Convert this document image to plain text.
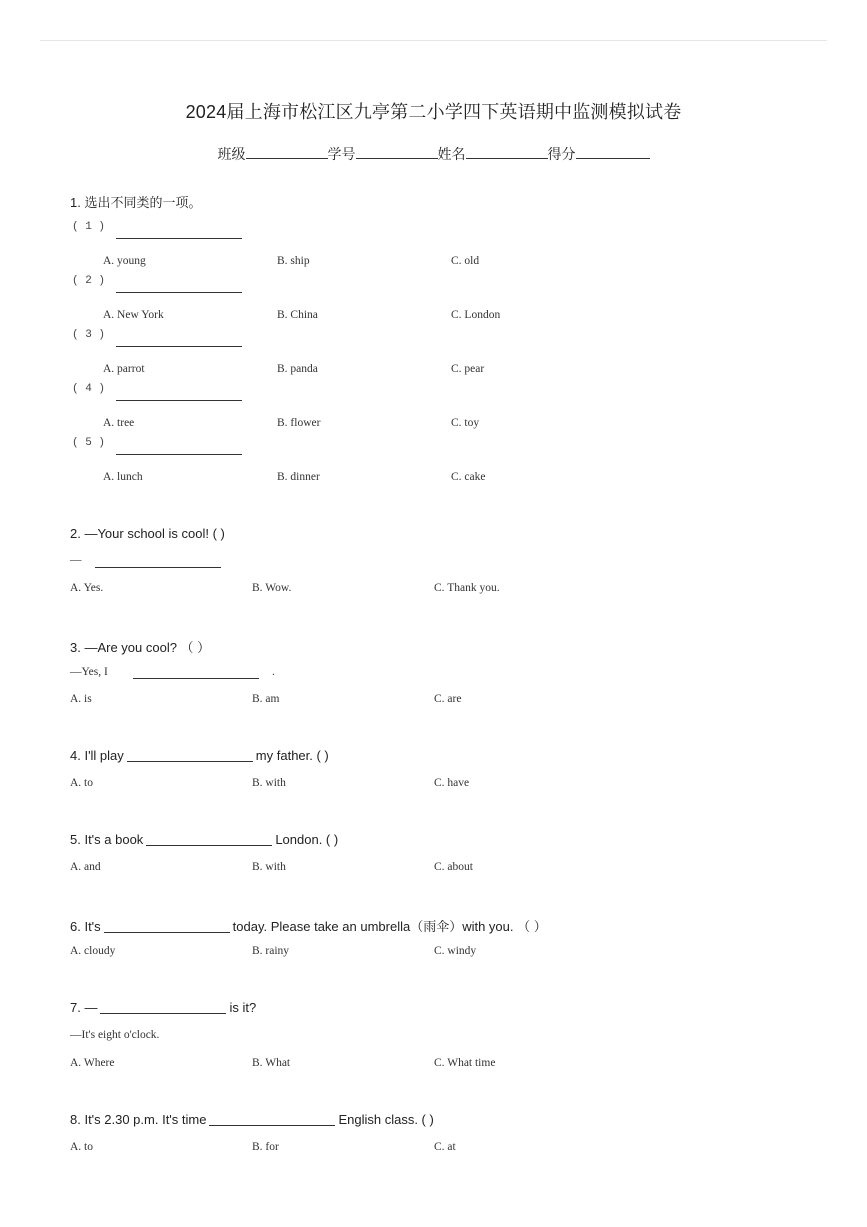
2024届上海市松江区九亭第二小学四下英语期中监测模拟试卷
班级	学号	姓名	得分
1. 选出不同类的一项。
( 1 )
A. young	B. ship	C. old
( 2 )
A. New York	B. China	C. London
( 3 )
A. parrot	B. panda	C. pear
( 4 )
A. tree	B. flower	C. toy
( 5 )
A. lunch	B. dinner	C. cake
2. —Your school is cool! ( )
—
A. Yes.	B. Wow.	C. Thank you.
3. —Are you cool? （ ）
—Yes, I	.
A. is	B. am	C. are
4. I'll play	my father. ( )
A. to	B. with	C. have
5. It's a book	London. ( )
A. and	B. with	C. about
6. It's	today. Please take an umbrella（雨伞）with you. （ ）
A. cloudy	B. rainy	C. windy
7. —	is it?
—It's eight o'clock.
A. Where	B. What	C. What time
8. It's 2.30 p.m. It's time	English class. ( )
A. to	B. for	C. at
